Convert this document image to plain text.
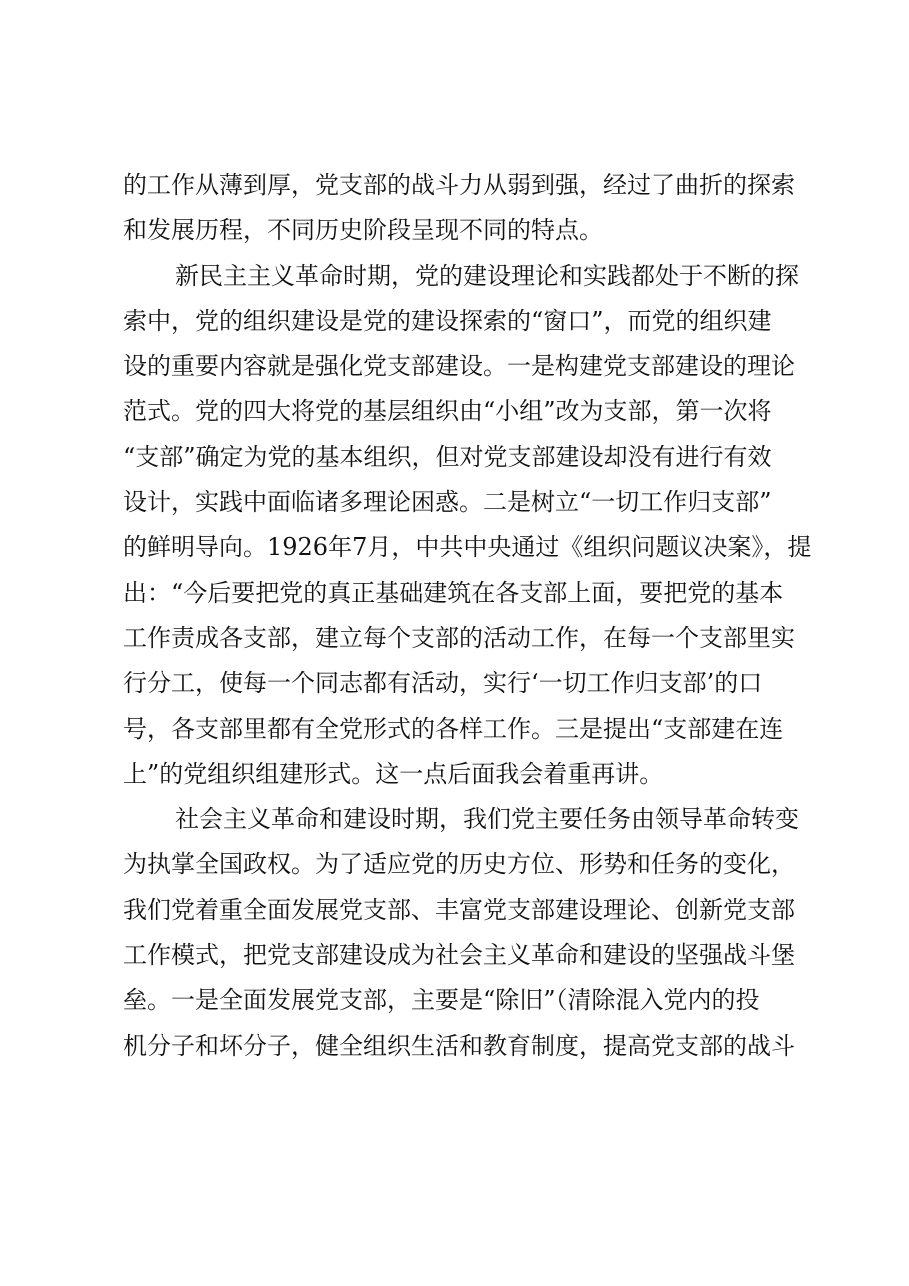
的工作从薄到厚，党支部的战斗力从弱到强，经过了曲折的探索
和发展历程，不同历史阶段呈现不同的特点。
新民主主义革命时期，党的建设理论和实践都处于不断的探
索中，党的组织建设是党的建设探索的“窗口”，而党的组织建
设的重要内容就是强化党支部建设。一是构建党支部建设的理论
范式。党的四大将党的基层组织由“小组”改为支部，第一次将
“支部”确定为党的基本组织，但对党支部建设却没有进行有效
设计，实践中面临诸多理论困惑。二是树立“一切工作归支部”
的鲜明导向。1926年7月，中共中央通过《组织问题议决案》，提
出：“今后要把党的真正基础建筑在各支部上面，要把党的基本
工作责成各支部，建立每个支部的活动工作，在每一个支部里实
行分工，使每一个同志都有活动，实行‘一切工作归支部’的口
号，各支部里都有全党形式的各样工作。三是提出“支部建在连
上”的党组织组建形式。这一点后面我会着重再讲。
社会主义革命和建设时期，我们党主要任务由领导革命转变
为执掌全国政权。为了适应党的历史方位、形势和任务的变化，
我们党着重全面发展党支部、丰富党支部建设理论、创新党支部
工作模式，把党支部建设成为社会主义革命和建设的坚强战斗堡
垒。一是全面发展党支部，主要是“除旧”（清除混入党内的投
机分子和坏分子，健全组织生活和教育制度，提高党支部的战斗
